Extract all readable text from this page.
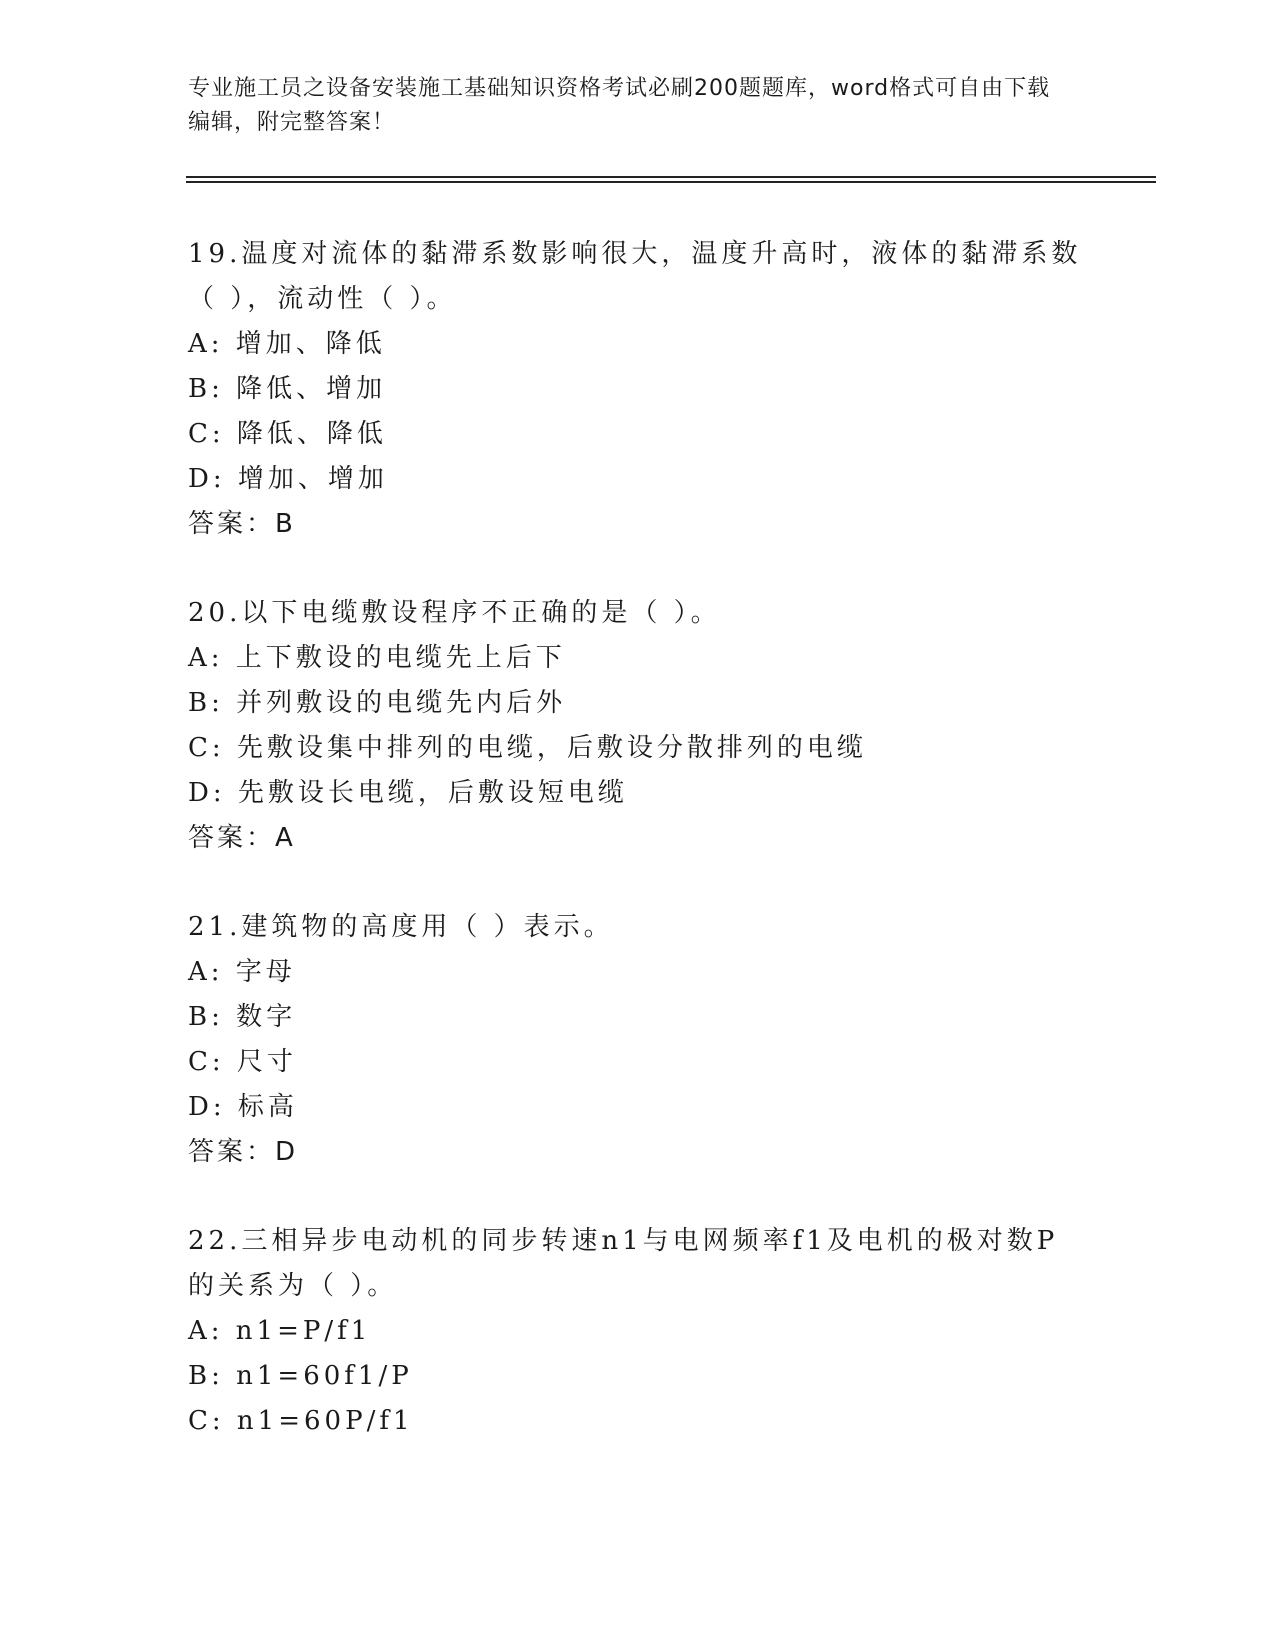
专业施工员之设备安装施工基础知识资格考试必刷200题题库，word格式可自由下载编辑，附完整答案！
19.温度对流体的黏滞系数影响很大，温度升高时，液体的黏滞系数（ ），流动性（ ）。
A: 增加、降低
B: 降低、增加
C: 降低、降低
D: 增加、增加
答案：B
20.以下电缆敷设程序不正确的是（ ）。
A: 上下敷设的电缆先上后下
B: 并列敷设的电缆先内后外
C: 先敷设集中排列的电缆，后敷设分散排列的电缆
D: 先敷设长电缆，后敷设短电缆
答案：A
21.建筑物的高度用（ ）表示。
A: 字母
B: 数字
C: 尺寸
D: 标高
答案：D
22.三相异步电动机的同步转速n1与电网频率f1及电机的极对数P的关系为（ ）。
A: n1=P/f1
B: n1=60f1/P
C: n1=60P/f1
